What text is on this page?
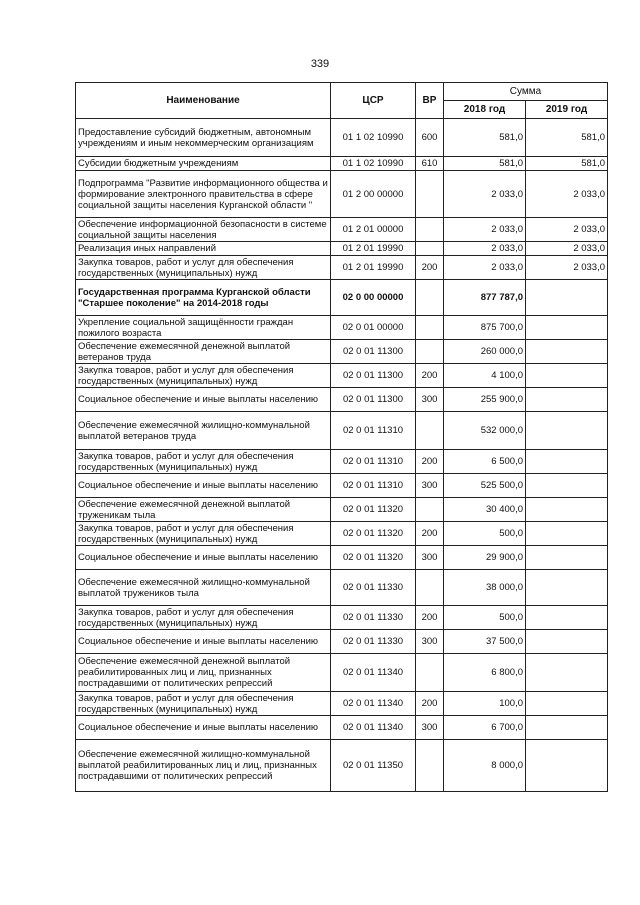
339
Наименование	ЦСР	ВР	Сумма	
			2018 год	2019 год
Предоставление субсидий бюджетным, автономным учреждениям и иным некоммерческим организациям	01 1 02 10990	600	581,0	581,0
Субсидии бюджетным учреждениям	01 1 02 10990	610	581,0	581,0
Подпрограмма "Развитие информационного общества и формирование электронного правительства в сфере социальной защиты населения Курганской области "	01 2 00 00000		2 033,0	2 033,0
Обеспечение информационной безопасности в системе социальной защиты населения	01 2 01 00000		2 033,0	2 033,0
Реализация иных направлений	01 2 01 19990		2 033,0	2 033,0
Закупка товаров, работ и услуг для обеспечения государственных (муниципальных) нужд	01 2 01 19990	200	2 033,0	2 033,0
Государственная программа Курганской области "Старшее поколение" на 2014-2018 годы	02 0 00 00000		877 787,0	
Укрепление социальной защищённости граждан пожилого возраста	02 0 01 00000		875 700,0	
Обеспечение ежемесячной денежной выплатой ветеранов труда	02 0 01 11300		260 000,0	
Закупка товаров, работ и услуг для обеспечения государственных (муниципальных) нужд	02 0 01 11300	200	4 100,0	
Социальное обеспечение и иные выплаты населению	02 0 01 11300	300	255 900,0	
Обеспечение ежемесячной жилищно-коммунальной выплатой ветеранов труда	02 0 01 11310		532 000,0	
Закупка товаров, работ и услуг для обеспечения государственных (муниципальных) нужд	02 0 01 11310	200	6 500,0	
Социальное обеспечение и иные выплаты населению	02 0 01 11310	300	525 500,0	
Обеспечение ежемесячной денежной выплатой труженикам тыла	02 0 01 11320		30 400,0	
Закупка товаров, работ и услуг для обеспечения государственных (муниципальных) нужд	02 0 01 11320	200	500,0	
Социальное обеспечение и иные выплаты населению	02 0 01 11320	300	29 900,0	
Обеспечение ежемесячной жилищно-коммунальной выплатой тружеников тыла	02 0 01 11330		38 000,0	
Закупка товаров, работ и услуг для обеспечения государственных (муниципальных) нужд	02 0 01 11330	200	500,0	
Социальное обеспечение и иные выплаты населению	02 0 01 11330	300	37 500,0	
Обеспечение ежемесячной денежной выплатой реабилитированных лиц и лиц, признанных пострадавшими от политических репрессий	02 0 01 11340		6 800,0	
Закупка товаров, работ и услуг для обеспечения государственных (муниципальных) нужд	02 0 01 11340	200	100,0	
Социальное обеспечение и иные выплаты населению	02 0 01 11340	300	6 700,0	
Обеспечение ежемесячной жилищно-коммунальной выплатой реабилитированных лиц и лиц, признанных пострадавшими от политических репрессий	02 0 01 11350		8 000,0	
